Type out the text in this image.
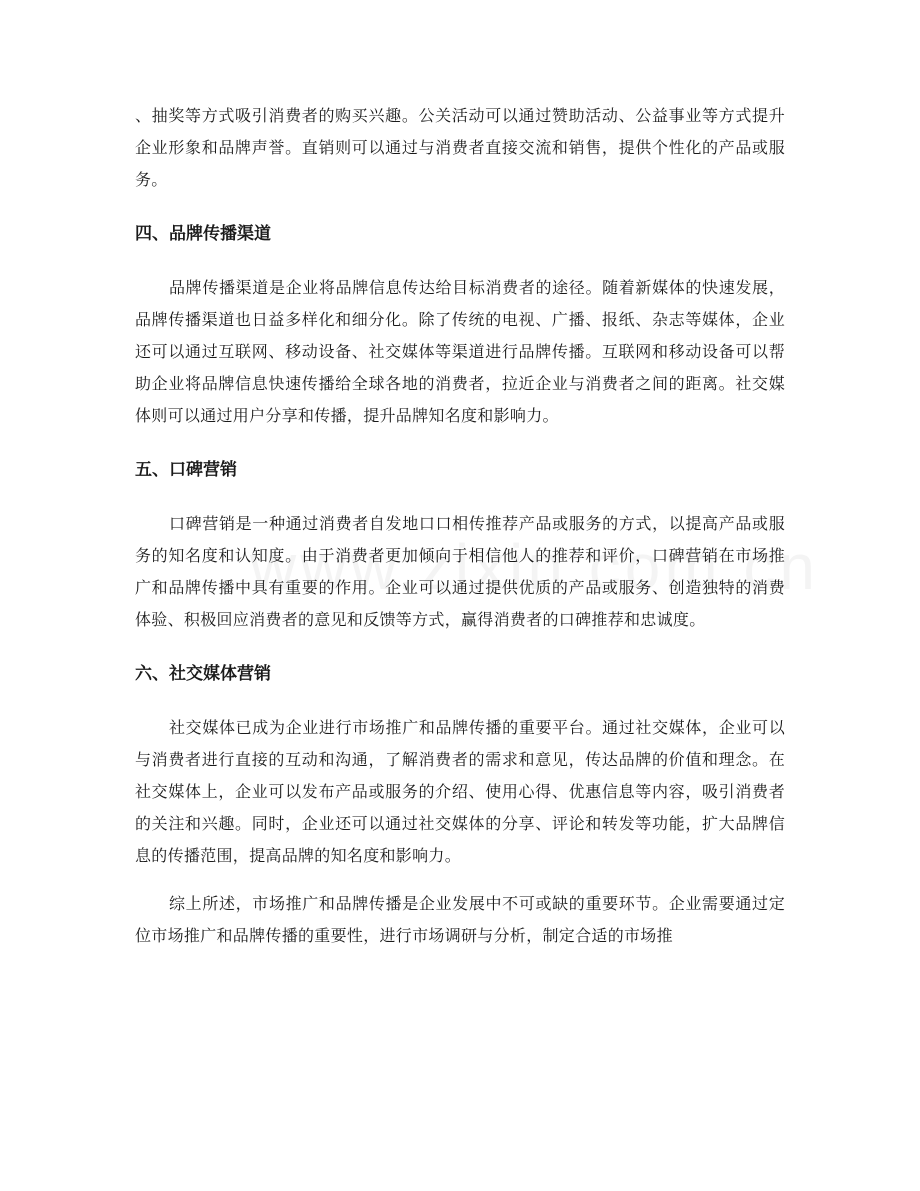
、抽奖等方式吸引消费者的购买兴趣。公关活动可以通过赞助活动、公益事业等方式提升企业形象和品牌声誉。直销则可以通过与消费者直接交流和销售，提供个性化的产品或服务。

四、品牌传播渠道

品牌传播渠道是企业将品牌信息传达给目标消费者的途径。随着新媒体的快速发展，品牌传播渠道也日益多样化和细分化。除了传统的电视、广播、报纸、杂志等媒体，企业还可以通过互联网、移动设备、社交媒体等渠道进行品牌传播。互联网和移动设备可以帮助企业将品牌信息快速传播给全球各地的消费者，拉近企业与消费者之间的距离。社交媒体则可以通过用户分享和传播，提升品牌知名度和影响力。

五、口碑营销

口碑营销是一种通过消费者自发地口口相传推荐产品或服务的方式，以提高产品或服务的知名度和认知度。由于消费者更加倾向于相信他人的推荐和评价，口碑营销在市场推广和品牌传播中具有重要的作用。企业可以通过提供优质的产品或服务、创造独特的消费体验、积极回应消费者的意见和反馈等方式，赢得消费者的口碑推荐和忠诚度。

六、社交媒体营销

社交媒体已成为企业进行市场推广和品牌传播的重要平台。通过社交媒体，企业可以与消费者进行直接的互动和沟通，了解消费者的需求和意见，传达品牌的价值和理念。在社交媒体上，企业可以发布产品或服务的介绍、使用心得、优惠信息等内容，吸引消费者的关注和兴趣。同时，企业还可以通过社交媒体的分享、评论和转发等功能，扩大品牌信息的传播范围，提高品牌的知名度和影响力。

综上所述，市场推广和品牌传播是企业发展中不可或缺的重要环节。企业需要通过定位市场推广和品牌传播的重要性，进行市场调研与分析，制定合适的市场推
